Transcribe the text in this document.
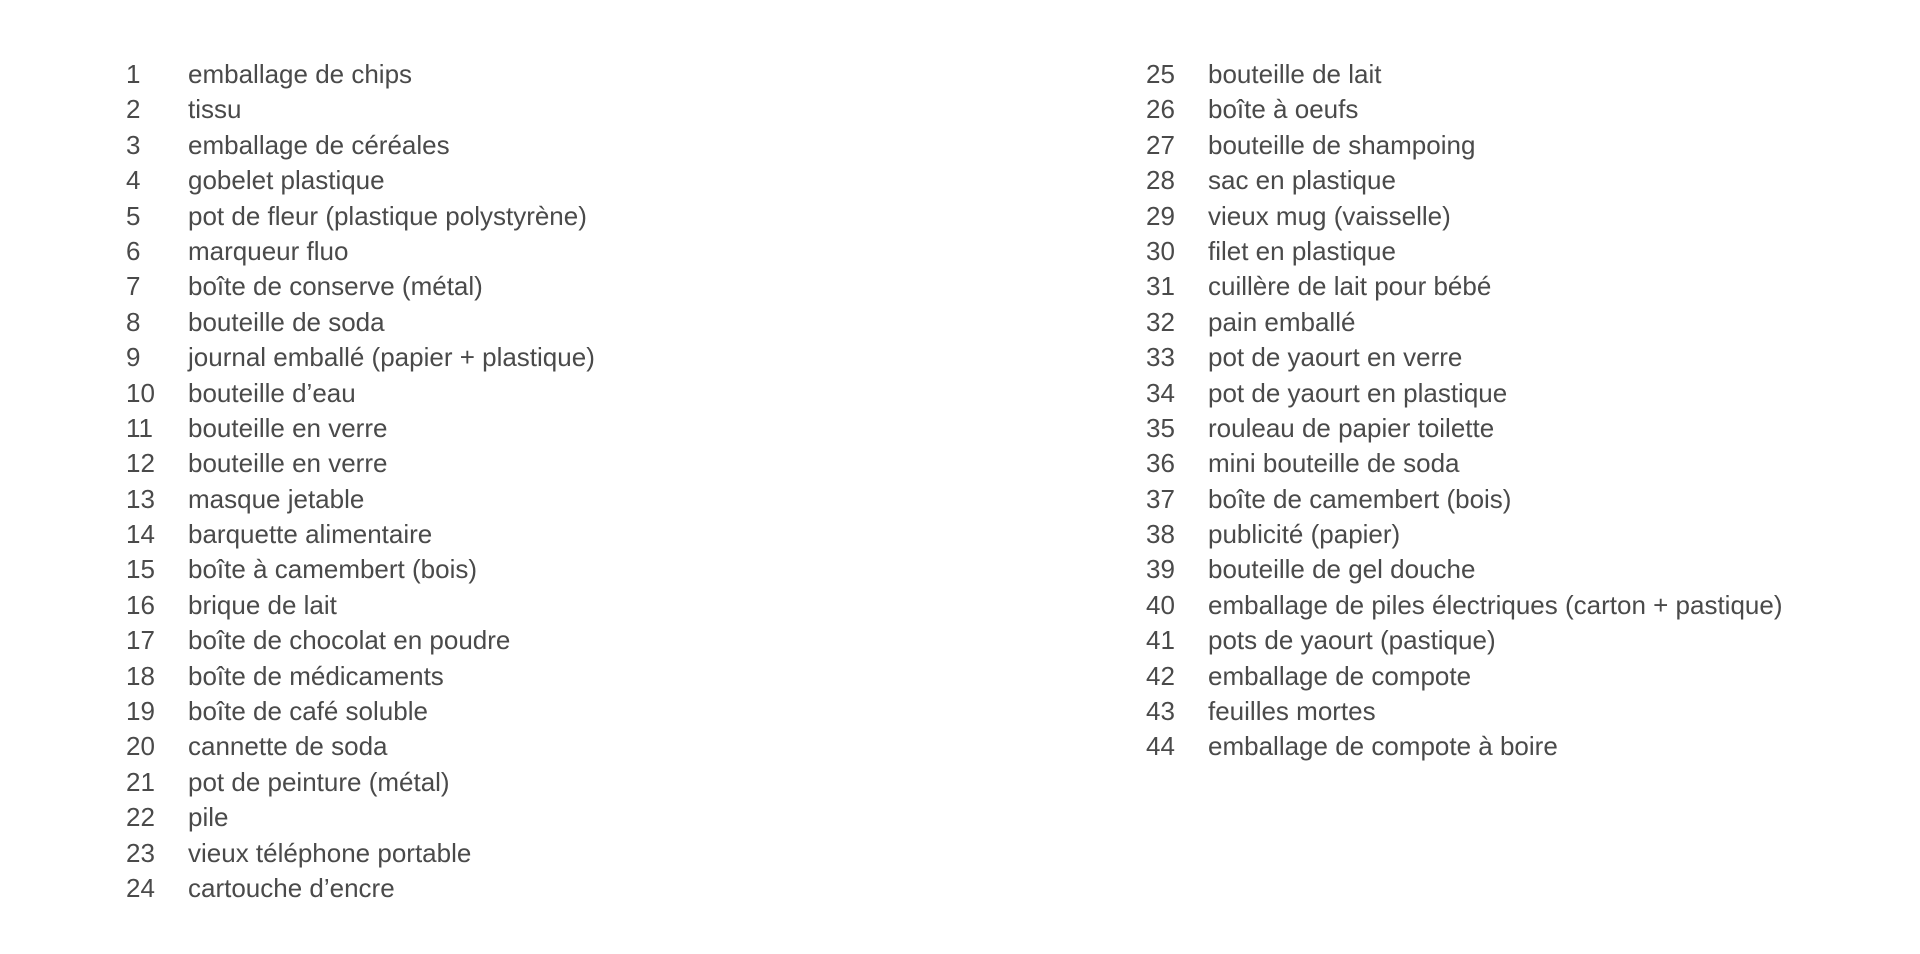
1	emballage de chips
2	tissu
3	emballage de céréales
4	gobelet plastique
5	pot de fleur (plastique polystyrène)
6	marqueur fluo
7	boîte de conserve (métal)
8	bouteille de soda
9	journal emballé (papier + plastique)
10	bouteille d’eau
11	bouteille en verre
12	bouteille en verre
13	masque jetable
14	barquette alimentaire
15	boîte à camembert (bois)
16	brique de lait
17	boîte de chocolat en poudre
18	boîte de médicaments
19	boîte de café soluble
20	cannette de soda
21	pot de peinture (métal)
22	pile
23	vieux téléphone portable
24	cartouche d’encre
25	bouteille de lait
26	boîte à oeufs
27	bouteille de shampoing
28	sac en plastique
29	vieux mug (vaisselle)
30	filet en plastique
31	cuillère de lait pour bébé
32	pain emballé
33	pot de yaourt en verre
34	pot de yaourt en plastique
35	rouleau de papier toilette
36	mini bouteille de soda
37	boîte de camembert (bois)
38	publicité (papier)
39	bouteille de gel douche
40	emballage de piles électriques (carton + pastique)
41	pots de yaourt (pastique)
42	emballage de compote
43	feuilles mortes
44	emballage de compote à boire
